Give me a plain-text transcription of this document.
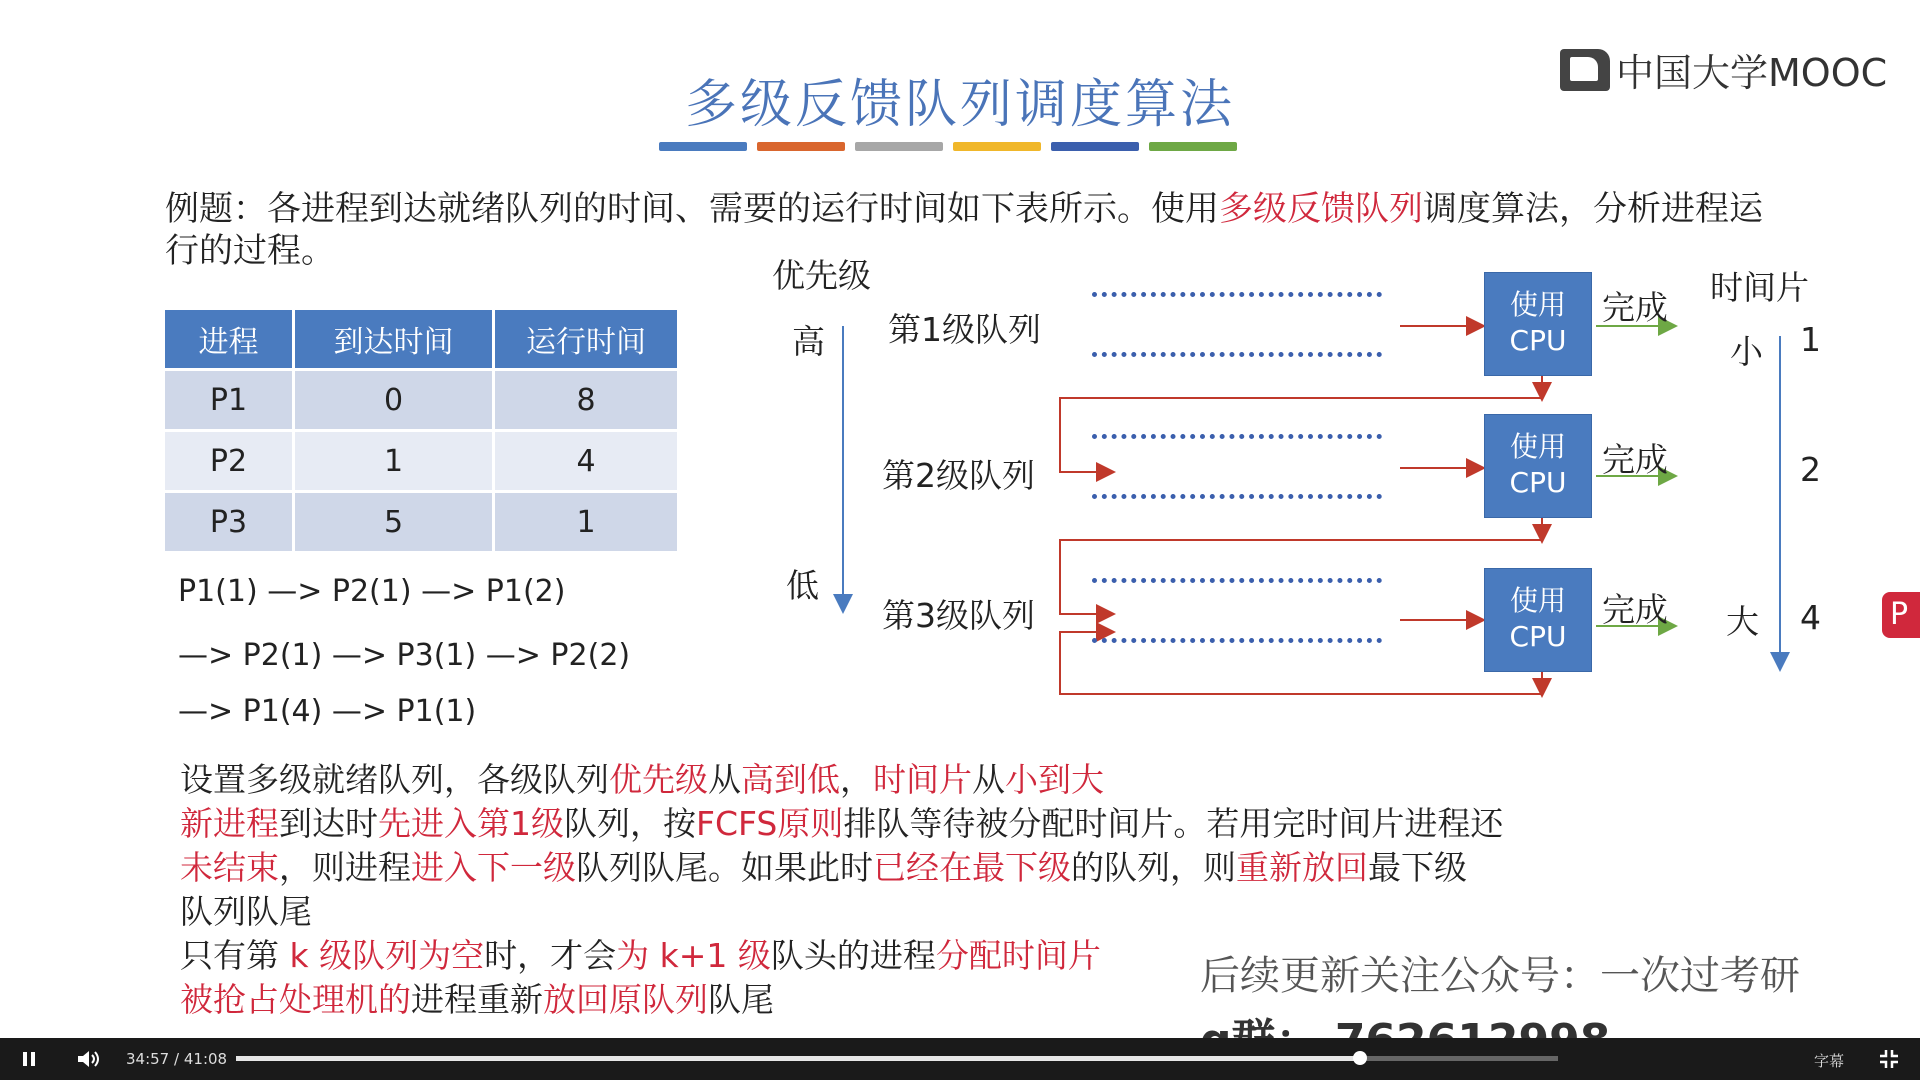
多级反馈队列调度算法
中国大学MOOC
例题：各进程到达就绪队列的时间、需要的运行时间如下表所示。使用多级反馈队列调度算法，分析进程运行的过程。
进程	到达时间	运行时间
P1	0	8
P2	1	4
P3	5	1
P1(1) —> P2(1) —> P1(2)
—> P2(1) —> P3(1) —> P2(2)
—> P1(4) —> P1(1)
优先级
高
低
时间片
小
大
第1级队列
使用
CPU
完成
1
第2级队列
使用
CPU
完成	2
第3级队列	使用
CPU
完成	4
设置多级就绪队列，各级队列优先级从高到低，时间片从小到大
新进程到达时先进入第1级队列，按FCFS原则排队等待被分配时间片。若用完时间片进程还
未结束，则进程进入下一级队列队尾。如果此时已经在最下级的队列，则重新放回最下级
队列队尾
只有第 k 级队列为空时，才会为 k+1 级队头的进程分配时间片
被抢占处理机的进程重新放回原队列队尾
后续更新关注公众号：一次过考研
P
34:57 / 41:08	字幕
